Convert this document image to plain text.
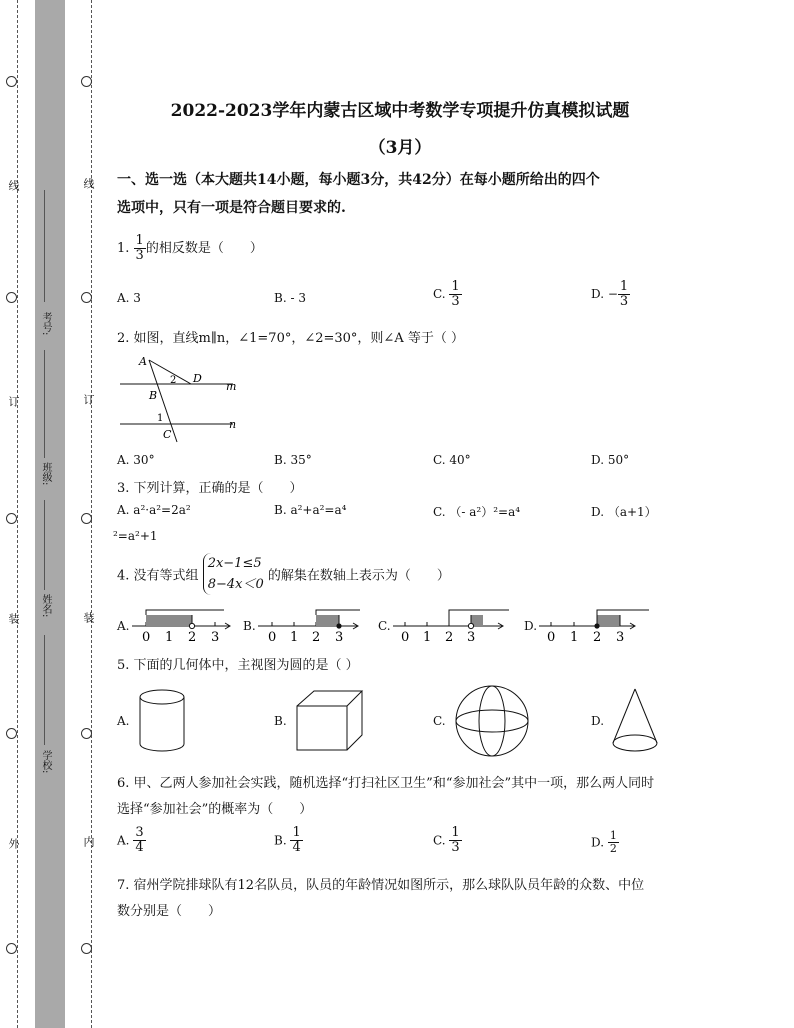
线
订
装
外
线
订
装
内
考号:
班级:
姓名:
学校:
2022-2023学年内蒙古区域中考数学专项提升仿真模拟试题
（3月）
一、选一选（本大题共14小题，每小题3分，共42分）在每小题所给出的四个
选项中，只有一项是符合题目要求的.
1. $\frac{1}{3}$ 的相反数是（　　）
A. 3	B. - 3	C. $\frac{1}{3}$	D. − $\frac{1}{3}$
2. 如图，直线m∥n，∠1=70°，∠2=30°，则∠A 等于（ ）
A
B
C
D
m
n
1
2
A. 30°	B. 35°	C. 40°	D. 50°
3. 下列计算，正确的是（　　）
A. a²·a²=2a²	B. a²+a²=a⁴	C. （- a²）²=a⁴	D. （a+1）
²=a²+1
4. 没有等式组
2x−1≤5
8−4x＜0
的解集在数轴上表示为（　　）
A.
0 1 2 3
B.
0 1 2 3
C.
0 1 2 3
D.
0 1 2 3
5. 下面的几何体中，主视图为圆的是（ ）
A.	B.	C.	D.
6. 甲、乙两人参加社会实践，随机选择“打扫社区卫生”和“参加社会”其中一项，那么两人同时
选择“参加社会”的概率为（　　）
A. $\frac{3}{4}$	B. $\frac{1}{4}$	C. $\frac{1}{3}$	D. $\frac{1}{2}$
7. 宿州学院排球队有12名队员，队员的年龄情况如图所示，那么球队队员年龄的众数、中位
数分别是（　　）
